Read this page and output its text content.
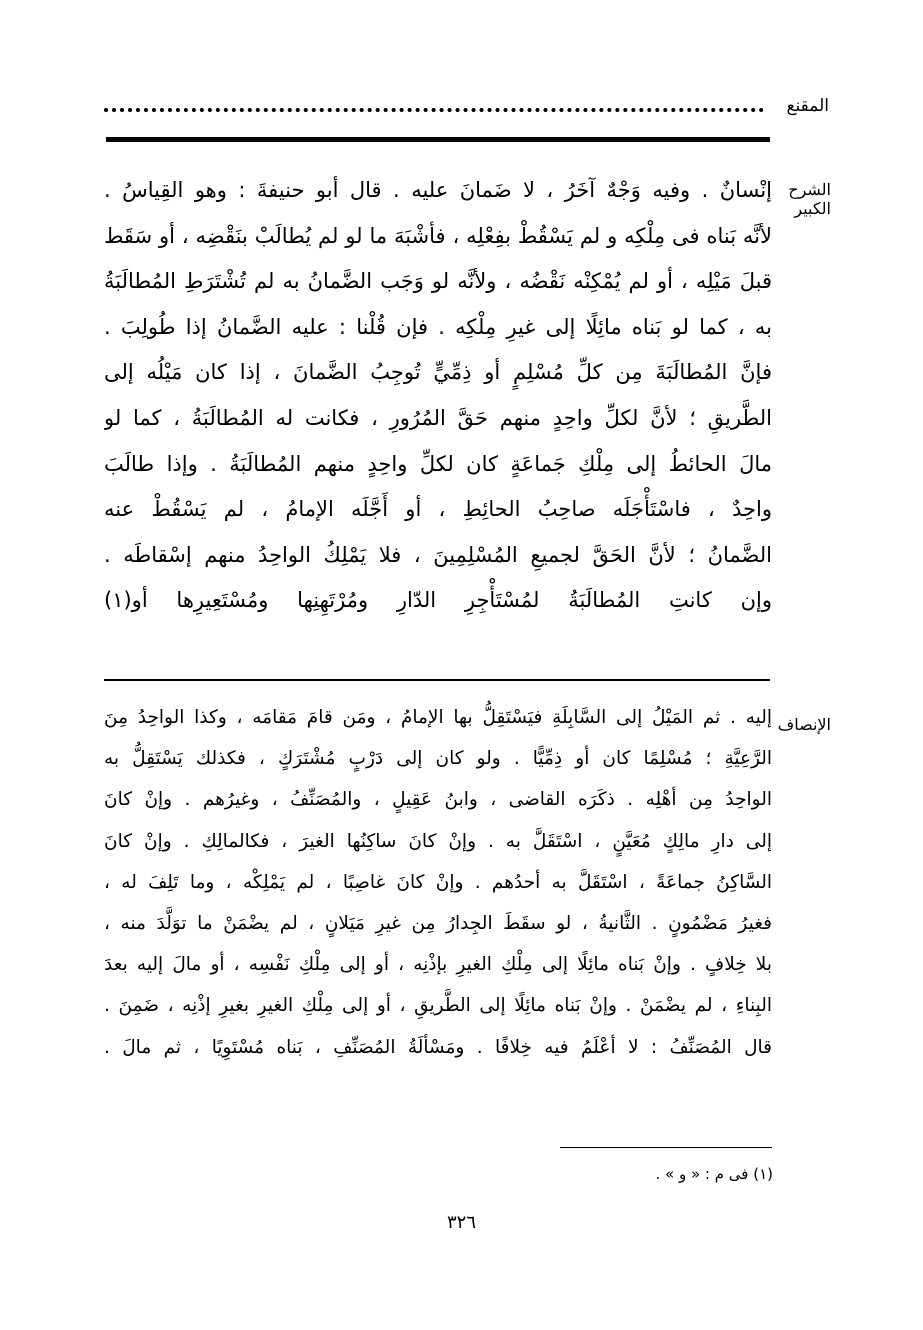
المقنع
الشرح الكبير
إنْسانٌ . وفيه وَجْهٌ آخَرُ ، لا ضَمانَ عليه . قال أبو حنيفةَ : وهو القِياسُ .
لأنَّه بَناه فى مِلْكِه و لم يَسْقُطْ بفِعْلِه ، فأشْبَهَ ما لو لم يُطالَبْ بنَقْضِه ، أو سَقَط
قبلَ مَيْلِه ، أو لم يُمْكِنْه نَقْضُه ، ولأنَّه لو وَجَب الضَّمانُ به لم تُشْتَرَطِ المُطالَبَةُ
به ، كما لو بَناه مائِلًا إلى غيرِ مِلْكِه . فإن قُلْنا : عليه الضَّمانُ إذا طُولِبَ .
فإنَّ المُطالَبَةَ مِن كلِّ مُسْلِمٍ أو ذِمِّيٍّ تُوجِبُ الضَّمانَ ، إذا كان مَيْلُه إلى
الطَّريقِ ؛ لأنَّ لكلِّ واحِدٍ منهم حَقَّ المُرُورِ ، فكانت له المُطالَبَةُ ، كما لو
مالَ الحائطُ إلى مِلْكِ جَماعَةٍ كان لكلِّ واحِدٍ منهم المُطالَبَةُ . وإذا طالَبَ
واحِدٌ ، فاسْتَأْجَلَه صاحِبُ الحائِطِ ، أو أَجَّلَه الإمامُ ، لم يَسْقُطْ عنه
الضَّمانُ ؛ لأنَّ الحَقَّ لجميعِ المُسْلِمِينَ ، فلا يَمْلِكُ الواحِدُ منهم إسْقاطَه .
وإن كانتِ المُطالَبَةُ لمُسْتَأْجِرِ الدّارِ ومُرْتَهِنِها ومُسْتَعِيرِها أو(١)
الإنصاف
إليه . ثم المَيْلُ إلى السَّابِلَةِ فيَسْتَقِلُّ بها الإمامُ ، ومَن قامَ مَقامَه ، وكذا الواحِدُ مِنَ
الرَّعِيَّةِ ؛ مُسْلِمًا كان أو ذِمِّيًّا . ولو كان إلى دَرْبٍ مُشْتَرَكٍ ، فكذلك يَسْتَقِلُّ به
الواحِدُ مِن أهْلِه . ذكَرَه القاضى ، وابنُ عَقِيلٍ ، والمُصَنِّفُ ، وغيرُهم . وإنْ كانَ
إلى دارِ مالِكٍ مُعَيَّنٍ ، اسْتَقَلَّ به . وإنْ كانَ ساكِنُها الغيرَ ، فكالمالِكِ . وإنْ كانَ
السَّاكِنُ جماعَةً ، اسْتَقَلَّ به أحدُهم . وإنْ كانَ غاصِبًا ، لم يَمْلِكْه ، وما تَلِفَ له ،
فغيرُ مَضْمُونٍ . الثَّانيةُ ، لو سقَطَ الجِدارُ مِن غيرِ مَيَلانٍ ، لم يضْمَنْ ما توَلَّدَ منه ،
بلا خِلافٍ . وإنْ بَناه مائِلًا إلى مِلْكِ الغيرِ بإذْنِه ، أو إلى مِلْكِ نَفْسِه ، أو مالَ إليه بعدَ
البِناءِ ، لم يضْمَنْ . وإنْ بَناه مائِلًا إلى الطَّريقِ ، أو إلى مِلْكِ الغيرِ بغيرِ إذْنِه ، ضَمِنَ .
قال المُصَنِّفُ : لا أعْلَمُ فيه خِلافًا . ومَسْألَةُ المُصَنِّفِ ، بَناه مُسْتَوِيًا ، ثم مالَ .
(١) فى م : « و » .
٣٢٦
